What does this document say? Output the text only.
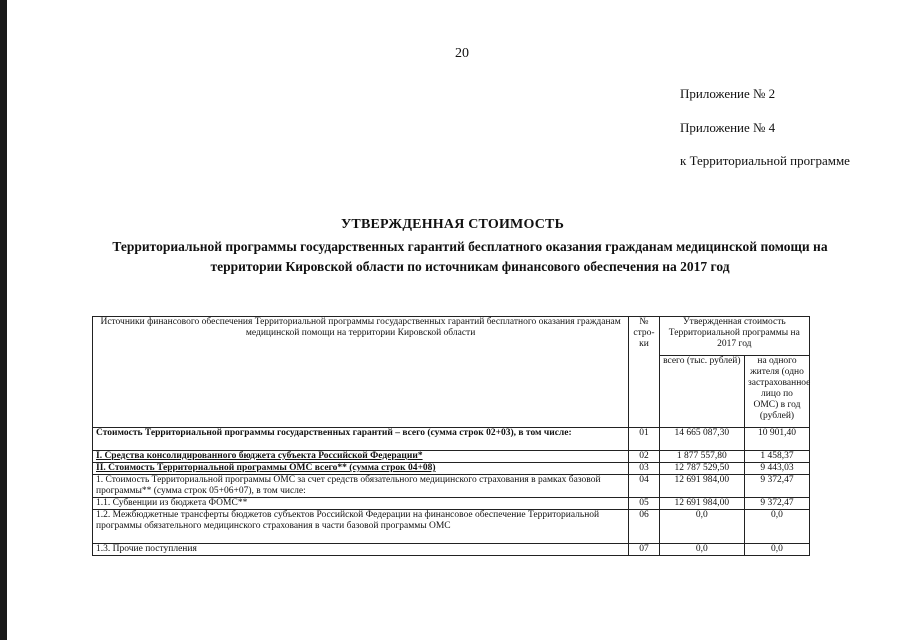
20
Приложение № 2
Приложение № 4
к Территориальной программе
УТВЕРЖДЕННАЯ СТОИМОСТЬ
Территориальной программы государственных гарантий бесплатного оказания гражданам медицинской помощи на территории Кировской области по источникам финансового обеспечения на 2017 год
Источники финансового обеспечения Территориальной программы государственных гарантий бесплатного оказания гражданам медицинской помощи на территории Кировской области	№ стро-ки	Утвержденная стоимость Территориальной программы на 2017 год	
		всего (тыс. рублей)	на одного жителя (одно застрахованное лицо по ОМС) в год (рублей)
Стоимость Территориальной программы государственных гарантий – всего (сумма строк 02+03), в том числе:	01	14 665 087,30	10 901,40
I. Средства консолидированного бюджета субъекта Российской Федерации*	02	1 877 557,80	1 458,37
II. Стоимость Территориальной программы ОМС всего** (сумма строк 04+08)	03	12 787 529,50	9 443,03
1. Стоимость Территориальной программы ОМС за счет средств обязательного медицинского страхования в рамках базовой программы** (сумма строк 05+06+07), в том числе:	04	12 691 984,00	9 372,47
1.1. Субвенции из бюджета ФОМС**	05	12 691 984,00	9 372,47
1.2. Межбюджетные трансферты бюджетов субъектов Российской Федерации на финансовое обеспечение Территориальной программы обязательного медицинского страхования в части базовой программы ОМС	06	0,0	0,0
1.3. Прочие поступления	07	0,0	0,0
